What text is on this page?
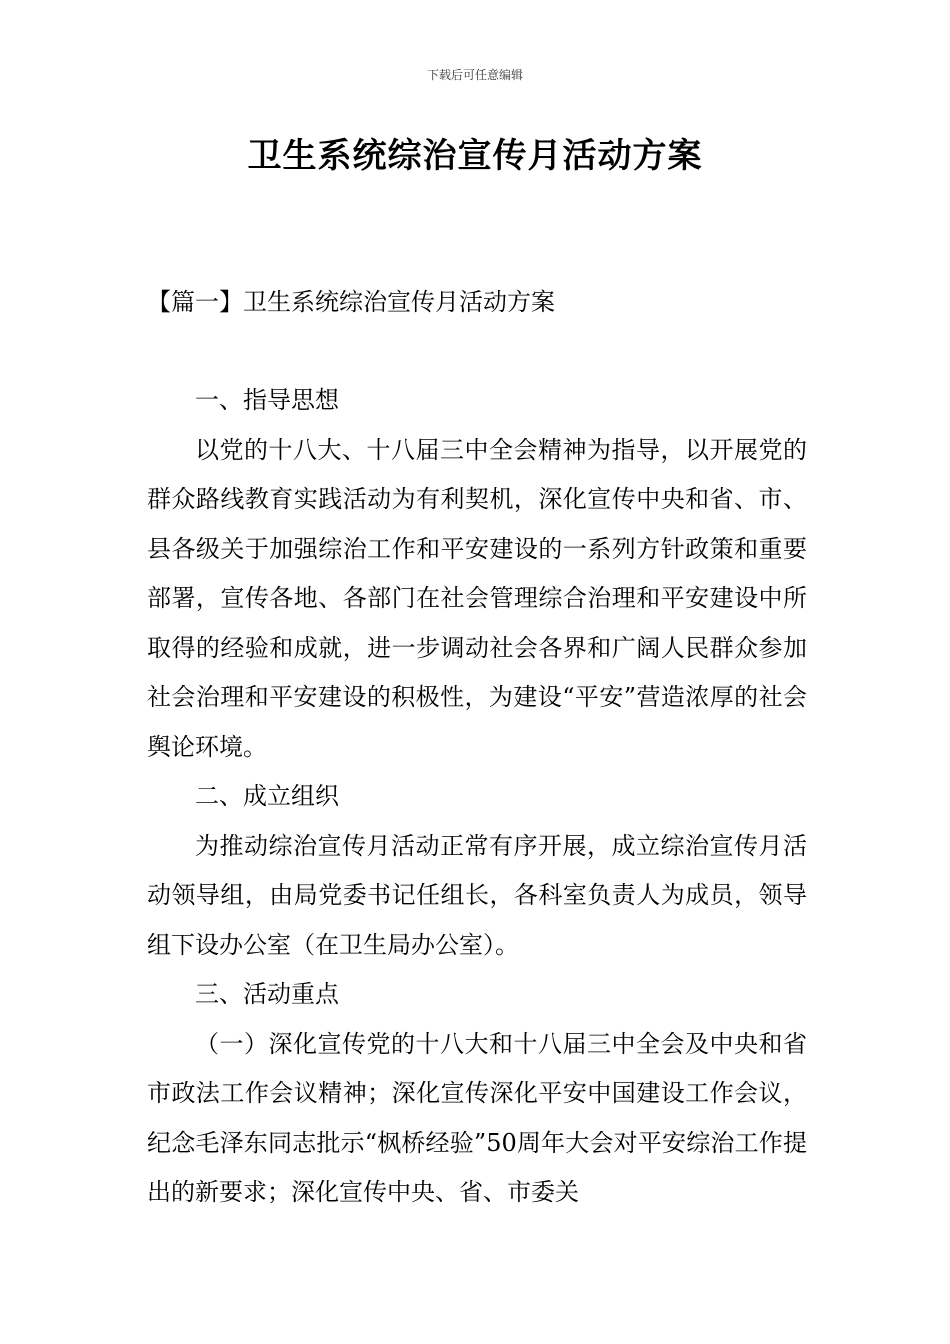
下载后可任意编辑
卫生系统综治宣传月活动方案
【篇一】卫生系统综治宣传月活动方案

一、指导思想

以党的十八大、十八届三中全会精神为指导，以开展党的群众路线教育实践活动为有利契机，深化宣传中央和省、市、县各级关于加强综治工作和平安建设的一系列方针政策和重要部署，宣传各地、各部门在社会管理综合治理和平安建设中所取得的经验和成就，进一步调动社会各界和广阔人民群众参加社会治理和平安建设的积极性，为建设“平安”营造浓厚的社会舆论环境。

二、成立组织

为推动综治宣传月活动正常有序开展，成立综治宣传月活动领导组，由局党委书记任组长，各科室负责人为成员，领导组下设办公室（在卫生局办公室）。

三、活动重点

（一）深化宣传党的十八大和十八届三中全会及中央和省市政法工作会议精神；深化宣传深化平安中国建设工作会议，纪念毛泽东同志批示“枫桥经验”50周年大会对平安综治工作提出的新要求；深化宣传中央、省、市委关
